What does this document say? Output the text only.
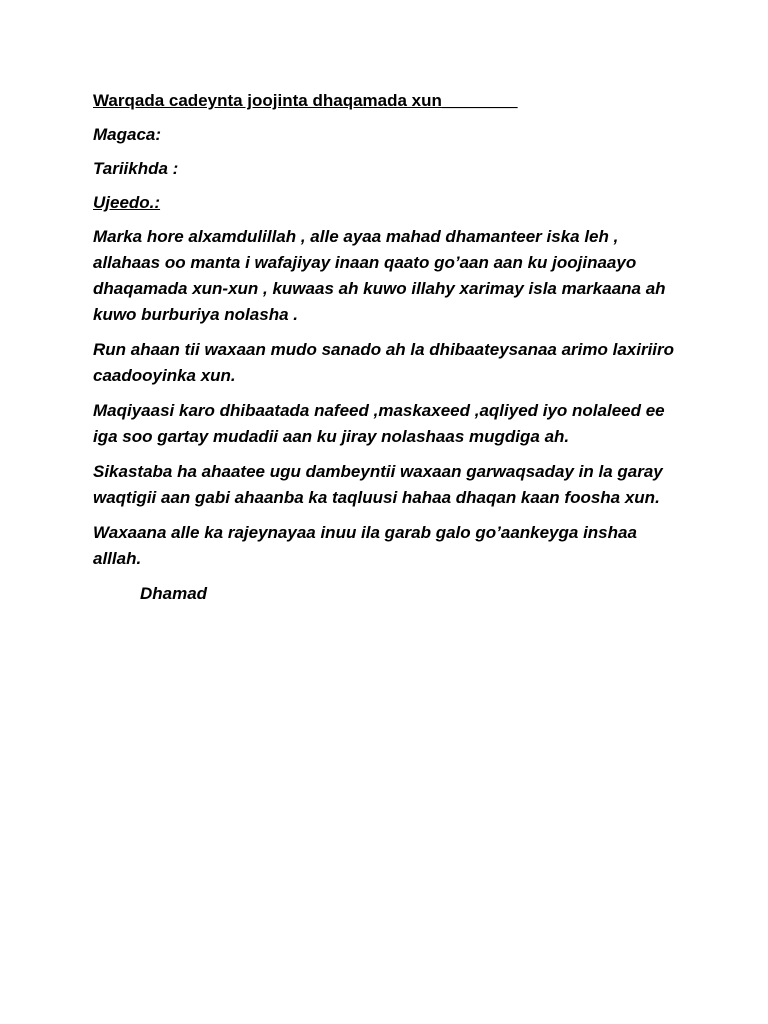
Warqada cadeynta joojinta dhaqamada xun________
Magaca:
Tariikhda :
Ujeedo.:
Marka hore alxamdulillah , alle ayaa mahad dhamanteer iska leh , allahaas oo manta i wafajiyay inaan qaato go’aan aan ku joojinaayo dhaqamada xun-xun , kuwaas ah kuwo illahy xarimay isla markaana ah kuwo burburiya nolasha .
Run ahaan tii waxaan mudo sanado ah la dhibaateysanaa arimo laxiriiro caadooyinka xun.
Maqiyaasi karo dhibaatada nafeed ,maskaxeed ,aqliyed iyo nolaleed ee iga soo gartay mudadii aan ku jiray nolashaas mugdiga ah.
Sikastaba ha ahaatee ugu dambeyntii waxaan garwaqsaday in la garay waqtigii aan gabi ahaanba ka taqluusi hahaa dhaqan kaan foosha xun.
Waxaana alle ka rajeynayaa inuu ila garab galo go’aankeyga inshaa alllah.
Dhamad
